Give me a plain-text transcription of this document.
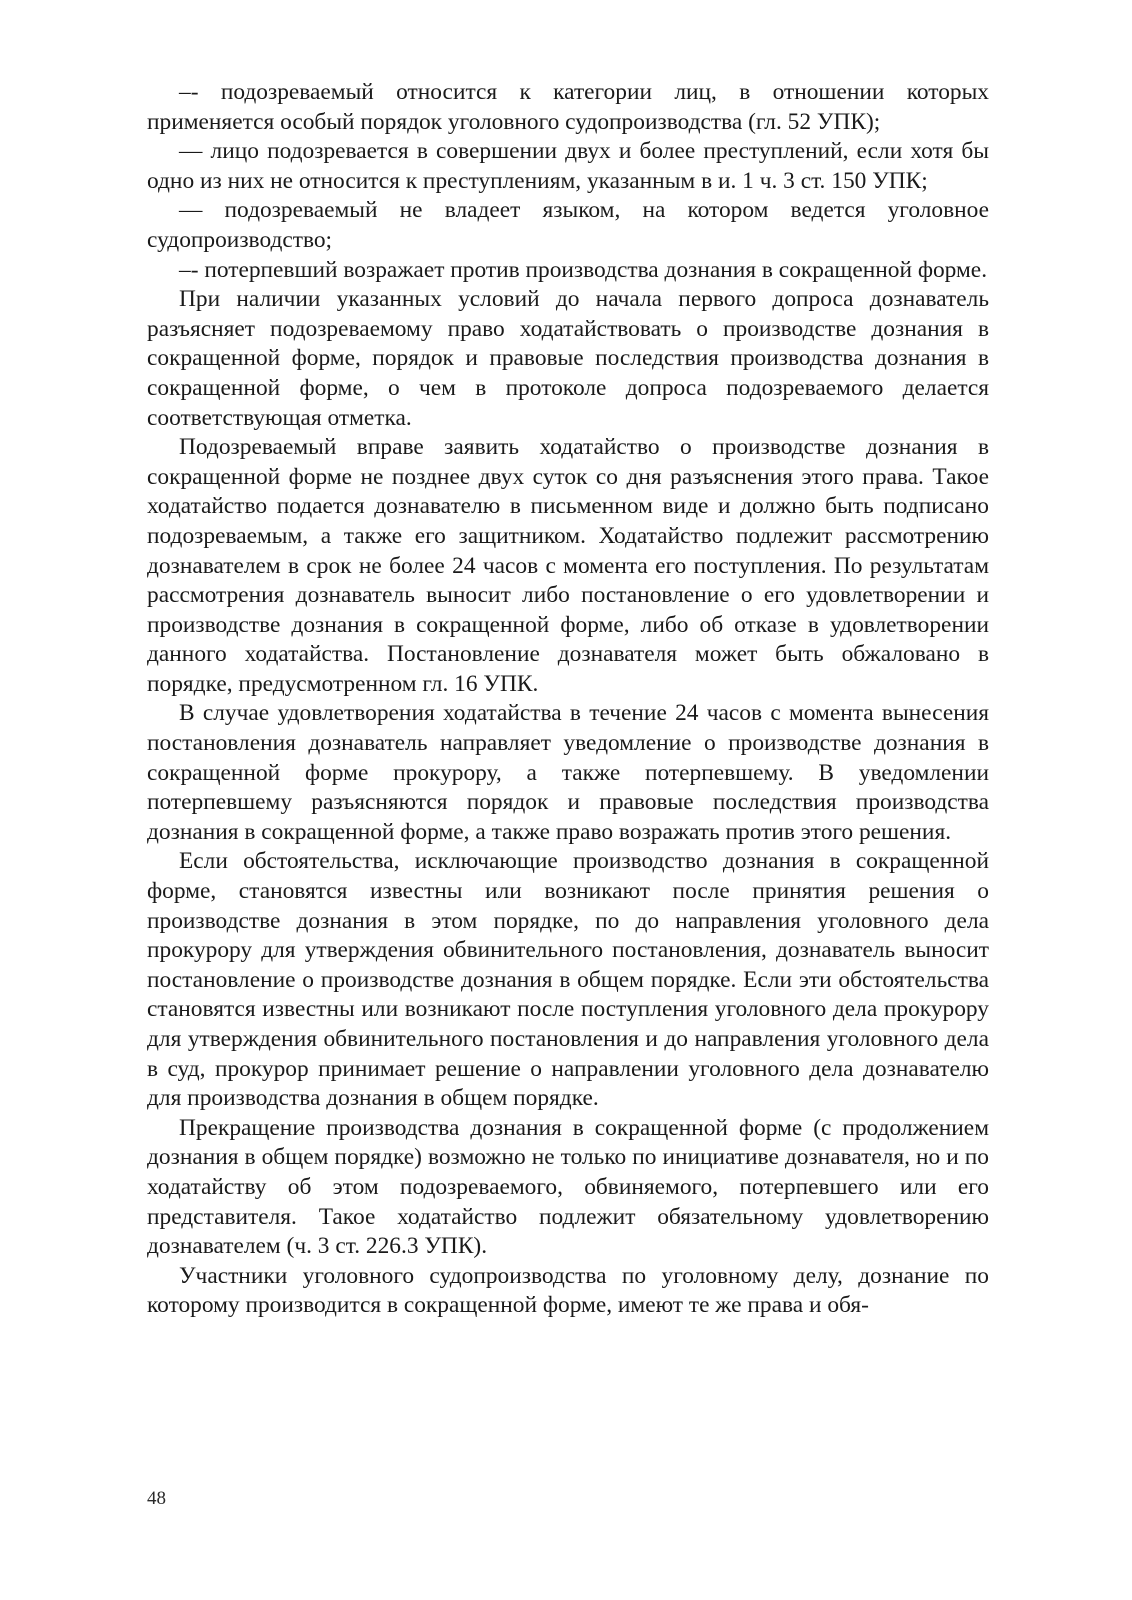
–- подозреваемый относится к категории лиц, в отношении которых применяется особый порядок уголовного судопроизводства (гл. 52 УПК);

— лицо подозревается в совершении двух и более преступлений, если хотя бы одно из них не относится к преступлениям, указанным в и. 1 ч. 3 ст. 150 УПК;

— подозреваемый не владеет языком, на котором ведется уголовное судопроизводство;

–- потерпевший возражает против производства дознания в сокращенной форме.

При наличии указанных условий до начала первого допроса дознаватель разъясняет подозреваемому право ходатайствовать о производстве дознания в сокращенной форме, порядок и правовые последствия производства дознания в сокращенной форме, о чем в протоколе допроса подозреваемого делается соответствующая отметка.

Подозреваемый вправе заявить ходатайство о производстве дознания в сокращенной форме не позднее двух суток со дня разъяснения этого права. Такое ходатайство подается дознавателю в письменном виде и должно быть подписано подозреваемым, а также его защитником. Ходатайство подлежит рассмотрению дознавателем в срок не более 24 часов с момента его поступления. По результатам рассмотрения дознаватель выносит либо постановление о его удовлетворении и производстве дознания в сокращенной форме, либо об отказе в удовлетворении данного ходатайства. Постановление дознавателя может быть обжаловано в порядке, предусмотренном гл. 16 УПК.

В случае удовлетворения ходатайства в течение 24 часов с момента вынесения постановления дознаватель направляет уведомление о производстве дознания в сокращенной форме прокурору, а также потерпевшему. В уведомлении потерпевшему разъясняются порядок и правовые последствия производства дознания в сокращенной форме, а также право возражать против этого решения.

Если обстоятельства, исключающие производство дознания в сокращенной форме, становятся известны или возникают после принятия решения о производстве дознания в этом порядке, по до направления уголовного дела прокурору для утверждения обвинительного постановления, дознаватель выносит постановление о производстве дознания в общем порядке. Если эти обстоятельства становятся известны или возникают после поступления уголовного дела прокурору для утверждения обвинительного постановления и до направления уголовного дела в суд, прокурор принимает решение о направлении уголовного дела дознавателю для производства дознания в общем порядке.

Прекращение производства дознания в сокращенной форме (с продолжением дознания в общем порядке) возможно не только по инициативе дознавателя, но и по ходатайству об этом подозреваемого, обвиняемого, потерпевшего или его представителя. Такое ходатайство подлежит обязательному удовлетворению дознавателем (ч. 3 ст. 226.3 УПК).

Участники уголовного судопроизводства по уголовному делу, дознание по которому производится в сокращенной форме, имеют те же права и обя-

48
